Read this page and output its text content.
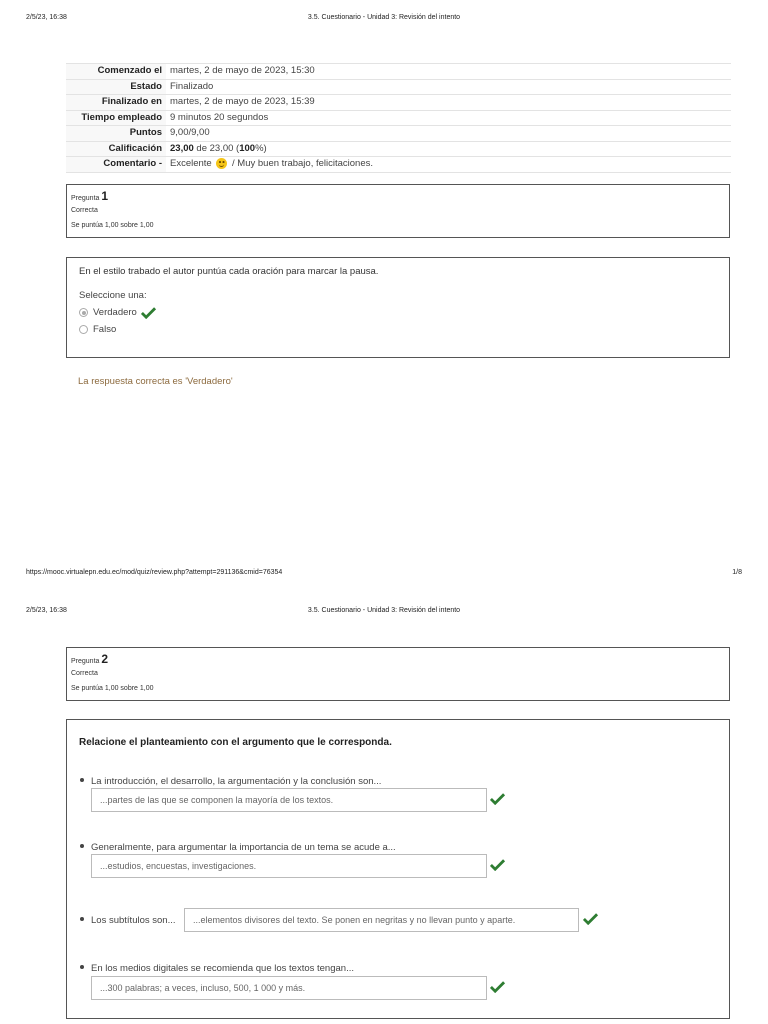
2/5/23, 16:38	3.5. Cuestionario - Unidad 3: Revisión del intento
Comenzado el	martes, 2 de mayo de 2023, 15:30
Estado	Finalizado
Finalizado en	martes, 2 de mayo de 2023, 15:39
Tiempo empleado	9 minutos 20 segundos
Puntos	9,00/9,00
Calificación	23,00 de 23,00 (100%)
Comentario -	Excelente / Muy buen trabajo, felicitaciones.
Pregunta 1
Correcta
Se puntúa 1,00 sobre 1,00
En el estilo trabado el autor puntúa cada oración para marcar la pausa.
Seleccione una:
Verdadero
Falso
La respuesta correcta es 'Verdadero'
https://mooc.virtualepn.edu.ec/mod/quiz/review.php?attempt=291136&cmid=76354	1/8
2/5/23, 16:38	3.5. Cuestionario - Unidad 3: Revisión del intento
Pregunta 2
Correcta
Se puntúa 1,00 sobre 1,00
Relacione el planteamiento con el argumento que le corresponda.
La introducción, el desarrollo, la argumentación y la conclusión son...
...partes de las que se componen la mayoría de los textos.
Generalmente, para argumentar la importancia de un tema se acude a...
...estudios, encuestas, investigaciones.
Los subtítulos son...	...elementos divisores del texto. Se ponen en negritas y no llevan punto y aparte.
En los medios digitales se recomienda que los textos tengan...
...300 palabras; a veces, incluso, 500, 1 000 y más.
